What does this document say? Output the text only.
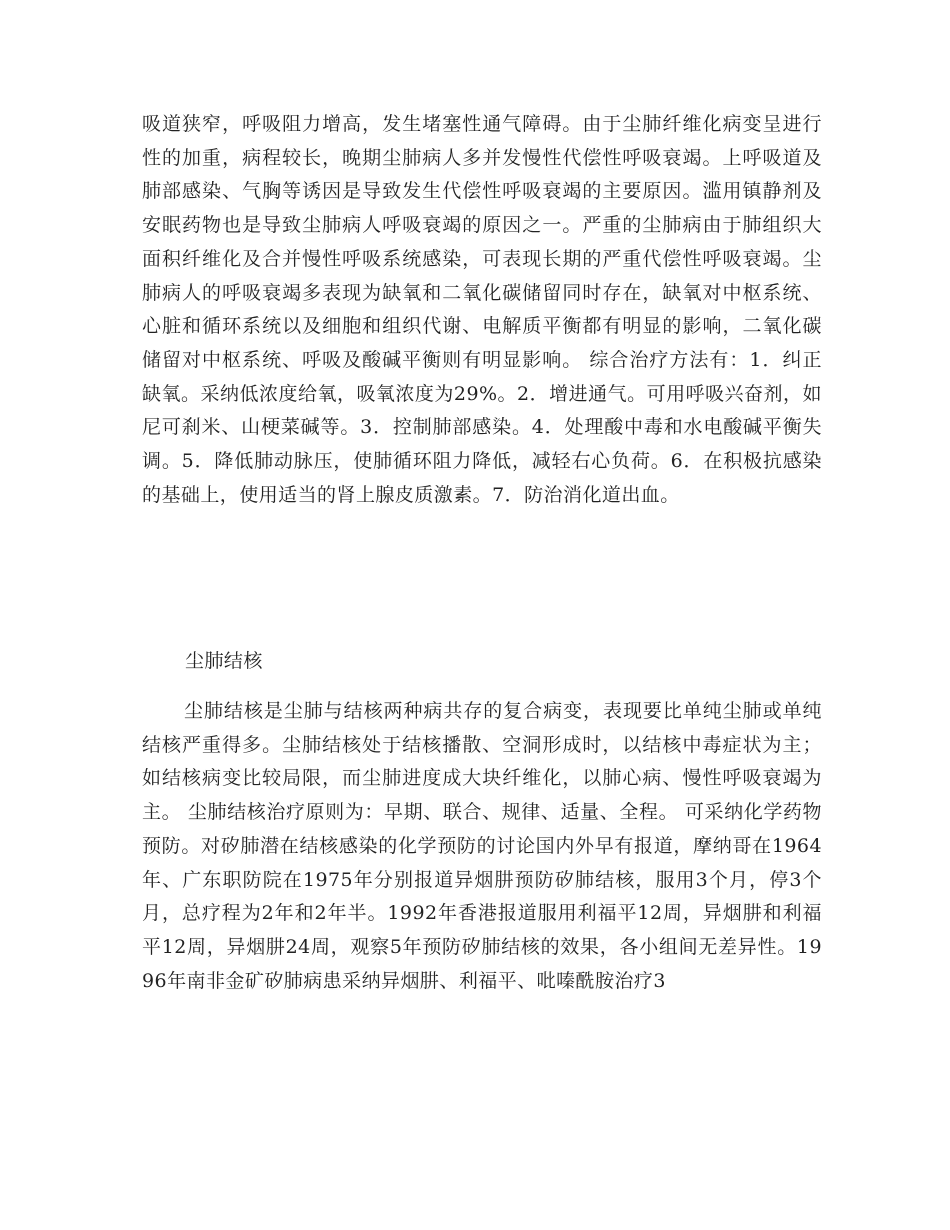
吸道狭窄，呼吸阻力增高，发生堵塞性通气障碍。由于尘肺纤维化病变呈进行性的加重，病程较长，晚期尘肺病人多并发慢性代偿性呼吸衰竭。上呼吸道及肺部感染、气胸等诱因是导致发生代偿性呼吸衰竭的主要原因。滥用镇静剂及安眠药物也是导致尘肺病人呼吸衰竭的原因之一。严重的尘肺病由于肺组织大面积纤维化及合并慢性呼吸系统感染，可表现长期的严重代偿性呼吸衰竭。尘肺病人的呼吸衰竭多表现为缺氧和二氧化碳储留同时存在，缺氧对中枢系统、心脏和循环系统以及细胞和组织代谢、电解质平衡都有明显的影响，二氧化碳储留对中枢系统、呼吸及酸碱平衡则有明显影响。 综合治疗方法有：1．纠正缺氧。采纳低浓度给氧，吸氧浓度为29%。2．增进通气。可用呼吸兴奋剂，如尼可刹米、山梗菜碱等。3．控制肺部感染。4．处理酸中毒和水电酸碱平衡失调。5．降低肺动脉压，使肺循环阻力降低，减轻右心负荷。6．在积极抗感染的基础上，使用适当的肾上腺皮质激素。7．防治消化道出血。

尘肺结核

尘肺结核是尘肺与结核两种病共存的复合病变，表现要比单纯尘肺或单纯结核严重得多。尘肺结核处于结核播散、空洞形成时，以结核中毒症状为主；如结核病变比较局限，而尘肺进度成大块纤维化，以肺心病、慢性呼吸衰竭为主。 尘肺结核治疗原则为：早期、联合、规律、适量、全程。 可采纳化学药物预防。对矽肺潜在结核感染的化学预防的讨论国内外早有报道，摩纳哥在1964年、广东职防院在1975年分别报道异烟肼预防矽肺结核，服用3个月，停3个月，总疗程为2年和2年半。1992年香港报道服用利福平12周，异烟肼和利福平12周，异烟肼24周，观察5年预防矽肺结核的效果，各小组间无差异性。1996年南非金矿矽肺病患采纳异烟肼、利福平、吡嗪酰胺治疗3
